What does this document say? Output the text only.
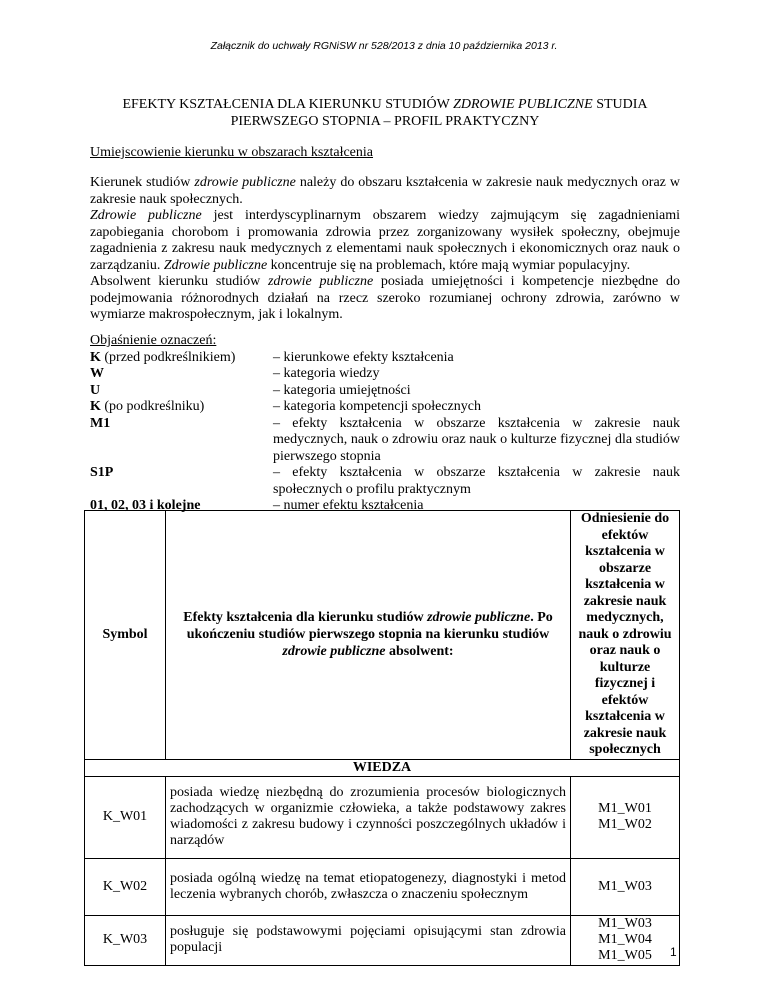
Załącznik do uchwały RGNiSW nr 528/2013 z dnia 10 października 2013 r.
EFEKTY KSZTAŁCENIA DLA KIERUNKU STUDIÓW ZDROWIE PUBLICZNE STUDIA PIERWSZEGO STOPNIA – PROFIL PRAKTYCZNY
Umiejscowienie kierunku w obszarach kształcenia

Kierunek studiów zdrowie publiczne należy do obszaru kształcenia w zakresie nauk medycznych oraz w zakresie nauk społecznych.

Zdrowie publiczne jest interdyscyplinarnym obszarem wiedzy zajmującym się zagadnieniami zapobiegania chorobom i promowania zdrowia przez zorganizowany wysiłek społeczny, obejmuje zagadnienia z zakresu nauk medycznych z elementami nauk społecznych i ekonomicznych oraz nauk o zarządzaniu. Zdrowie publiczne koncentruje się na problemach, które mają wymiar populacyjny.

Absolwent kierunku studiów zdrowie publiczne posiada umiejętności i kompetencje niezbędne do podejmowania różnorodnych działań na rzecz szeroko rozumianej ochrony zdrowia, zarówno w wymiarze makrospołecznym, jak i lokalnym.

Objaśnienie oznaczeń:
K (przed podkreślnikiem)	– kierunkowe efekty kształcenia
W	– kategoria wiedzy
U	– kategoria umiejętności
K (po podkreślniku)	– kategoria kompetencji społecznych
M1	– efekty kształcenia w obszarze kształcenia w zakresie nauk medycznych, nauk o zdrowiu oraz nauk o kulturze fizycznej dla studiów pierwszego stopnia
S1P	– efekty kształcenia w obszarze kształcenia w zakresie nauk społecznych o profilu praktycznym
01, 02, 03 i kolejne	– numer efektu kształcenia
Symbol	Efekty kształcenia dla kierunku studiów zdrowie publiczne. Po ukończeniu studiów pierwszego stopnia na kierunku studiów zdrowie publiczne absolwent:	Odniesienie do efektów kształcenia w obszarze kształcenia w zakresie nauk medycznych, nauk o zdrowiu oraz nauk o kulturze fizycznej i efektów kształcenia w zakresie nauk społecznych
WIEDZA		
K_W01	posiada wiedzę niezbędną do zrozumienia procesów biologicznych zachodzących w organizmie człowieka, a także podstawowy zakres wiadomości z zakresu budowy i czynności poszczególnych układów i narządów	M1_W01
M1_W02

K_W02	posiada ogólną wiedzę na temat etiopatogenezy, diagnostyki i metod leczenia wybranych chorób, zwłaszcza o znaczeniu społecznym	M1_W03

K_W03	posługuje się podstawowymi pojęciami opisującymi stan zdrowia populacji	M1_W03
M1_W04
M1_W05	1
